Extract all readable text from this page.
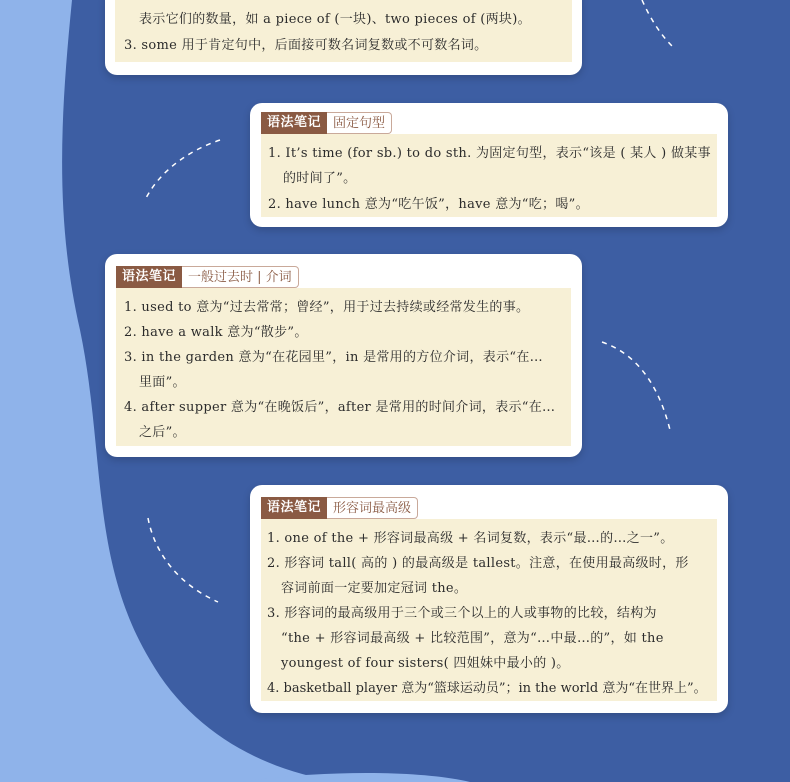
表示它们的数量，如 a piece of (一块)、two pieces of (两块)。
3. some 用于肯定句中，后面接可数名词复数或不可数名词。
语法笔记 固定句型
1. It’s time (for sb.) to do sth. 为固定句型，表示“该是 ( 某人 ) 做某事
的时间了”。
2. have lunch 意为“吃午饭”，have 意为“吃；喝”。
语法笔记 一般过去时 | 介词
1. used to 意为“过去常常；曾经”，用于过去持续或经常发生的事。
2. have a walk 意为“散步”。
3. in the garden 意为“在花园里”，in 是常用的方位介词，表示“在…
里面”。
4. after supper 意为“在晚饭后”，after 是常用的时间介词，表示“在…
之后”。
语法笔记 形容词最高级
1. one of the + 形容词最高级 + 名词复数，表示“最…的…之一”。
2. 形容词 tall( 高的 ) 的最高级是 tallest。注意，在使用最高级时，形
容词前面一定要加定冠词 the。
3. 形容词的最高级用于三个或三个以上的人或事物的比较，结构为
“the + 形容词最高级 + 比较范围”，意为“…中最…的”，如 the
youngest of four sisters( 四姐妹中最小的 )。
4. basketball player 意为“篮球运动员”；in the world 意为“在世界上”。
